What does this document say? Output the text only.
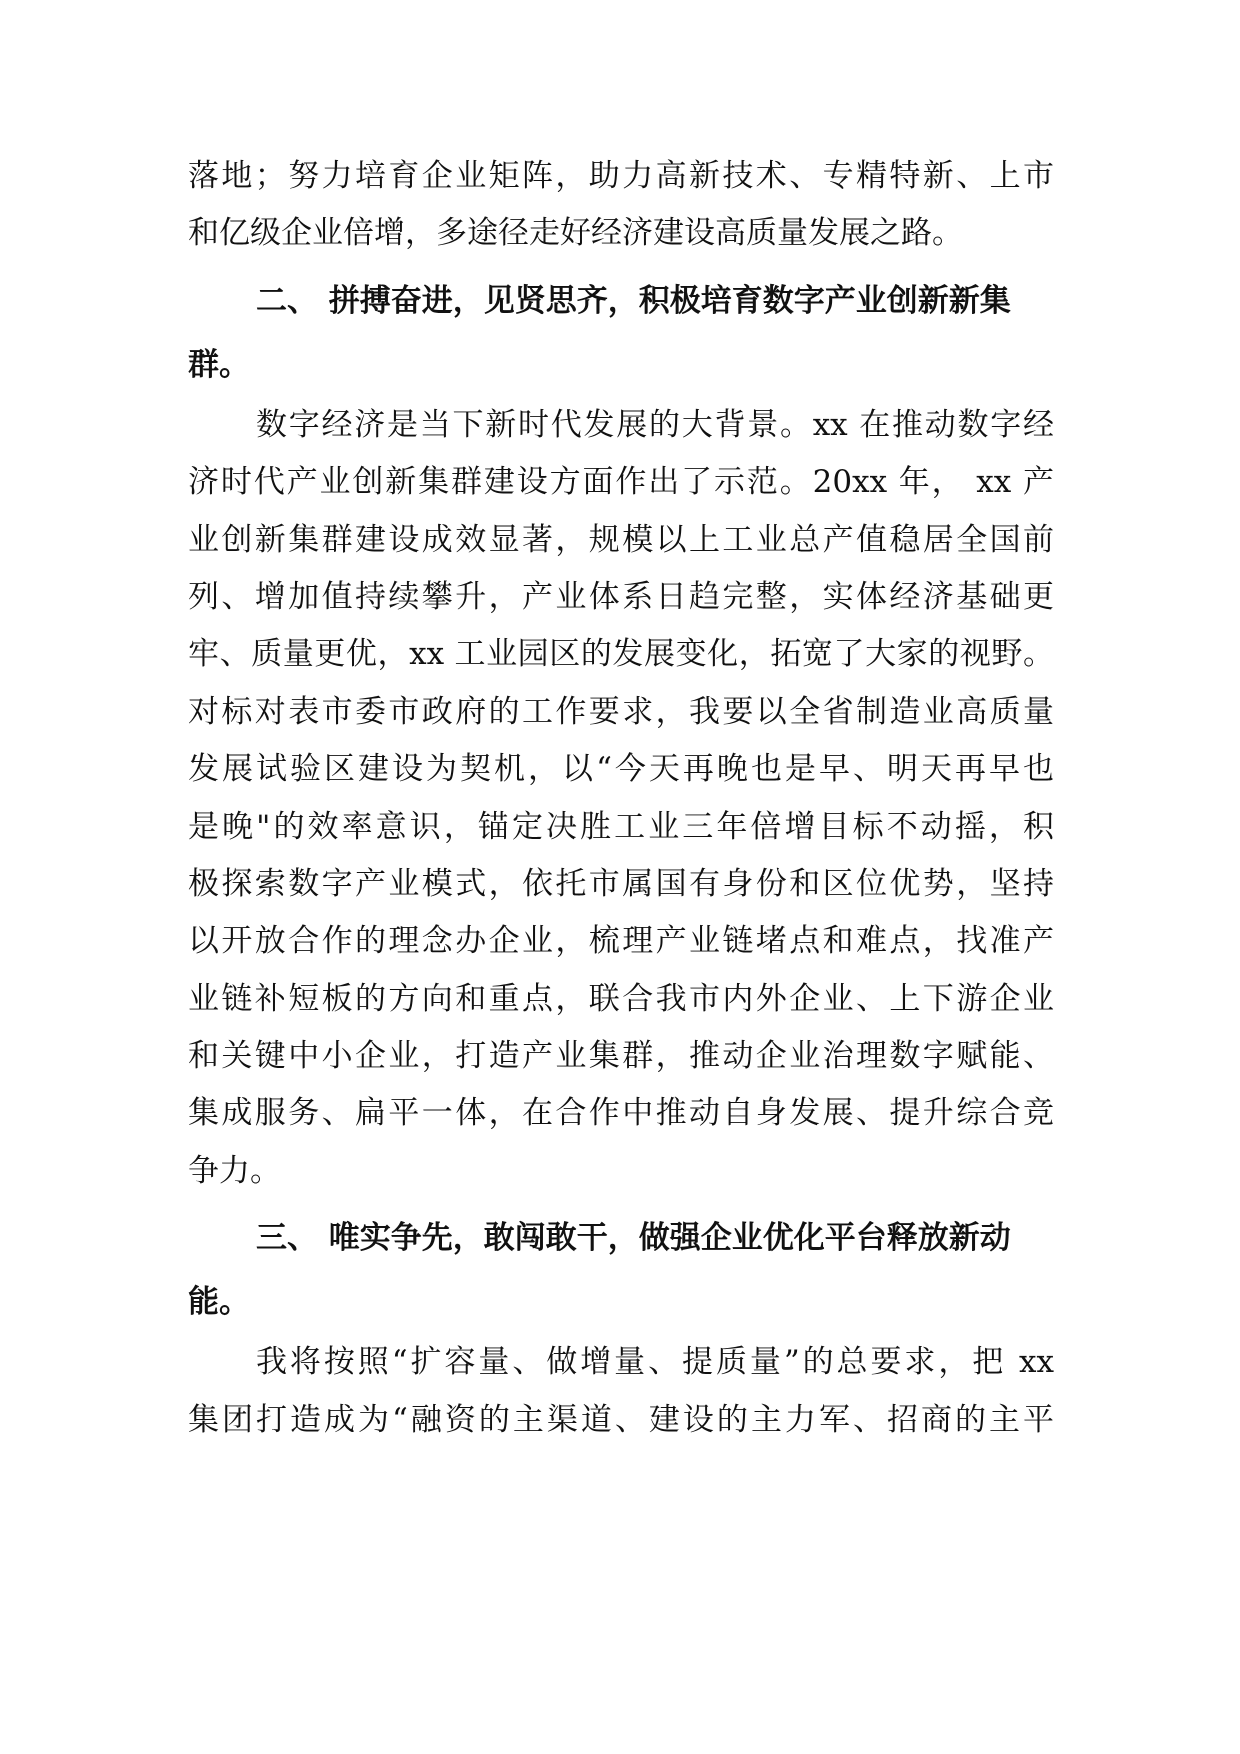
落地；努力培育企业矩阵，助力高新技术、专精特新、上市
和亿级企业倍增，多途径走好经济建设高质量发展之路。
二、 拼搏奋进，见贤思齐，积极培育数字产业创新新集 群。
数字经济是当下新时代发展的大背景。xx 在推动数字经
济时代产业创新集群建设方面作出了示范。20xx 年， xx 产
业创新集群建设成效显著，规模以上工业总产值稳居全国前
列、增加值持续攀升，产业体系日趋完整，实体经济基础更
牢、质量更优，xx 工业园区的发展变化，拓宽了大家的视野。
对标对表市委市政府的工作要求，我要以全省制造业高质量
发展试验区建设为契机，以“今天再晚也是早、明天再早也
是晚"的效率意识，锚定决胜工业三年倍增目标不动摇，积
极探索数字产业模式，依托市属国有身份和区位优势，坚持
以开放合作的理念办企业，梳理产业链堵点和难点，找准产
业链补短板的方向和重点，联合我市内外企业、上下游企业
和关键中小企业，打造产业集群，推动企业治理数字赋能、
集成服务、扁平一体，在合作中推动自身发展、提升综合竞
争力。
三、 唯实争先，敢闯敢干，做强企业优化平台释放新动 能。
我将按照“扩容量、做增量、提质量”的总要求，把 xx
集团打造成为“融资的主渠道、建设的主力军、招商的主平
